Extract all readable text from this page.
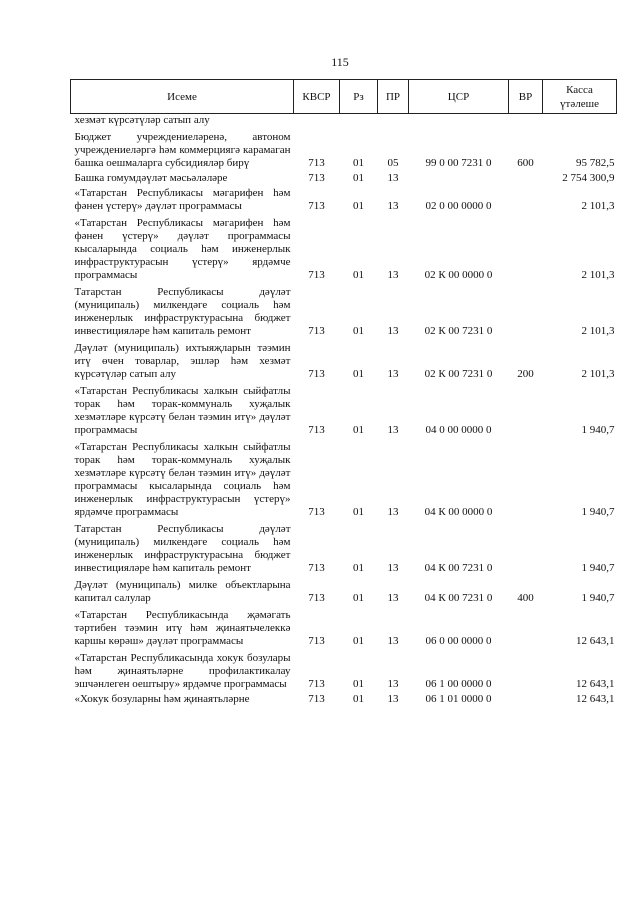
115
Исеме	КВСР	Рз	ПР	ЦСР	ВР	Касса
үтәлеше
хезмәт күрсәтүләр сатып алу						
Бюджет учреждениеләренә, автоном учреждениеләргә һәм коммерциягә карамаган башка оешмаларга субсидияләр бирү	713	01	05	99 0 00 7231 0	600	95 782,5
Башка гомумдәүләт мәсьәләләре	713	01	13			2 754 300,9
«Татарстан Республикасы мәгарифен һәм фәнен үстерү» дәүләт программасы	713	01	13	02 0 00 0000 0		2 101,3
«Татарстан Республикасы мәгарифен һәм фәнен үстерү» дәүләт программасы кысаларында социаль һәм инженерлык инфраструктурасын үстерү» ярдәмче программасы	713	01	13	02 К 00 0000 0		2 101,3
Татарстан Республикасы дәүләт (муниципаль) милкендәге социаль һәм инженерлык инфраструктурасына бюджет инвестицияләре һәм капиталь ремонт	713	01	13	02 К 00 7231 0		2 101,3
Дәүләт (муниципаль) ихтыяҗларын тәэмин итү өчен товарлар, эшләр һәм хезмәт күрсәтүләр сатып алу	713	01	13	02 К 00 7231 0	200	2 101,3
«Татарстан Республикасы халкын сыйфатлы торак һәм торак-коммуналь хуҗалык хезмәтләре күрсәтү белән тәэмин итү» дәүләт программасы	713	01	13	04 0 00 0000 0		1 940,7
«Татарстан Республикасы халкын сыйфатлы торак һәм торак-коммуналь хуҗалык хезмәтләре күрсәтү белән тәэмин итү» дәүләт программасы кысаларында социаль һәм инженерлык инфраструктурасын үстерү» ярдәмче программасы	713	01	13	04 К 00 0000 0		1 940,7
Татарстан Республикасы дәүләт (муниципаль) милкендәге социаль һәм инженерлык инфраструктурасына бюджет инвестицияләре һәм капиталь ремонт	713	01	13	04 К 00 7231 0		1 940,7
Дәүләт (муниципаль) милке объектларына капитал салулар	713	01	13	04 К 00 7231 0	400	1 940,7
«Татарстан Республикасында җәмәгать тәртибен тәэмин итү һәм җинаятьчелеккә каршы көрәш» дәүләт программасы	713	01	13	06 0 00 0000 0		12 643,1
«Татарстан Республикасында хокук бозулары һәм җинаятьләрне профилактикалау эшчәнлеген оештыру» ярдәмче программасы	713	01	13	06 1 00 0000 0		12 643,1
«Хокук бозуларны һәм җинаятьләрне	713	01	13	06 1 01 0000 0		12 643,1
